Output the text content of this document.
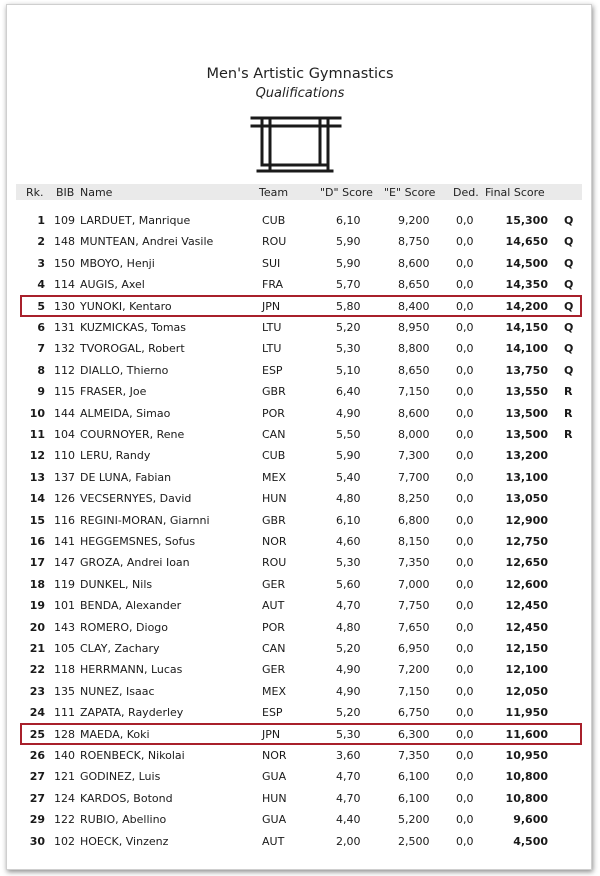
Men's Artistic Gymnastics
Qualifications
Rk. BIB Name	Team	"D" Score "E" Score Ded. Final Score
1 109 LARDUET, Manrique	CUB	6,10	9,200 0,0	15,300 Q
2 148 MUNTEAN, Andrei Vasile	ROU	5,90	8,750 0,0	14,650 Q
3 150 MBOYO, Henji	SUI	5,90	8,600 0,0	14,500 Q
4 114 AUGIS, Axel	FRA	5,70	8,650 0,0	14,350 Q
5 130 YUNOKI, Kentaro	JPN	5,80	8,400 0,0	14,200 Q
6 131 KUZMICKAS, Tomas	LTU	5,20	8,950 0,0	14,150 Q
7 132 TVOROGAL, Robert	LTU	5,30	8,800 0,0	14,100 Q
8 112 DIALLO, Thierno	ESP	5,10	8,650 0,0	13,750 Q
9 115 FRASER, Joe	GBR	6,40	7,150 0,0	13,550 R
10 144 ALMEIDA, Simao	POR	4,90	8,600 0,0	13,500 R
11 104 COURNOYER, Rene	CAN	5,50	8,000 0,0	13,500 R
12 110 LERU, Randy	CUB	5,90	7,300 0,0	13,200
13 137 DE LUNA, Fabian	MEX	5,40	7,700 0,0	13,100
14 126 VECSERNYES, David	HUN	4,80	8,250 0,0	13,050
15 116 REGINI-MORAN, Giarnni	GBR	6,10	6,800 0,0	12,900
16 141 HEGGEMSNES, Sofus	NOR	4,60	8,150 0,0	12,750
17 147 GROZA, Andrei Ioan	ROU	5,30	7,350 0,0	12,650
18 119 DUNKEL, Nils	GER	5,60	7,000 0,0	12,600
19 101 BENDA, Alexander	AUT	4,70	7,750 0,0	12,450
20 143 ROMERO, Diogo	POR	4,80	7,650 0,0	12,450
21 105 CLAY, Zachary	CAN	5,20	6,950 0,0	12,150
22 118 HERRMANN, Lucas	GER	4,90	7,200 0,0	12,100
23 135 NUNEZ, Isaac	MEX	4,90	7,150 0,0	12,050
24 111 ZAPATA, Rayderley	ESP	5,20	6,750 0,0	11,950
25 128 MAEDA, Koki	JPN	5,30	6,300 0,0	11,600
26 140 ROENBECK, Nikolai	NOR	3,60	7,350 0,0	10,950
27 121 GODINEZ, Luis	GUA	4,70	6,100 0,0	10,800
27 124 KARDOS, Botond	HUN	4,70	6,100 0,0	10,800
29 122 RUBIO, Abellino	GUA	4,40	5,200 0,0	9,600
30 102 HOECK, Vinzenz	AUT	2,00	2,500 0,0	4,500
